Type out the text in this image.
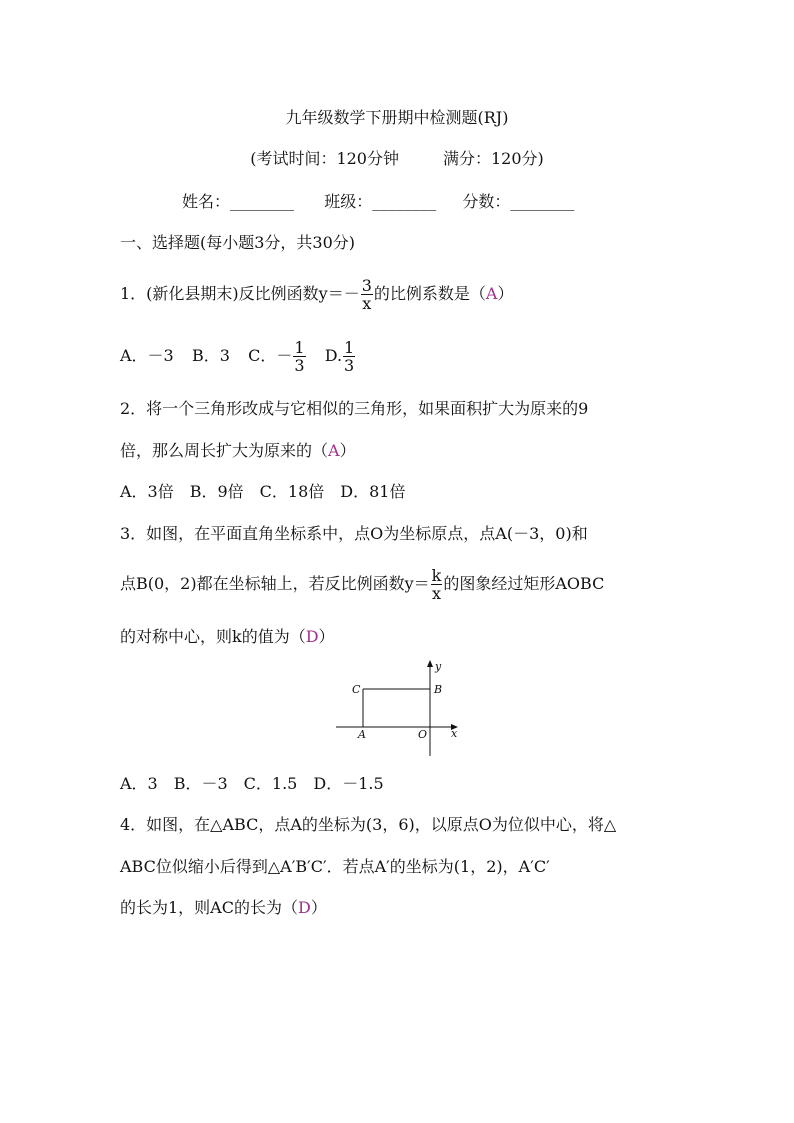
九年级数学下册期中检测题(RJ)
(考试时间：120分钟	满分：120分)
姓名：________ 班级：________ 分数：________
一、选择题(每小题3分，共30分)
1．(新化县期末)反比例函数$y=- \frac{3}{x}$ 的比例系数是（A）
A．－3 B．3 C．－ $\frac{1}{3} D$. $\frac{1}{3}$
2．将一个三角形改成与它相似的三角形，如果面积扩大为原来的9
倍，那么周长扩大为原来的（A）
A．3倍　B．9倍　C．18倍　D．81倍
3．如图，在平面直角坐标系中，点O为坐标原点，点A(－3，0)和
点B(0，2)都在坐标轴上，若反比例函数$y= \frac{k}{x}$ 的图象经过矩形AOBC
的对称中心，则k的值为（D）
y
x
C	B
A	O
A．3　B．－3　C．1.5　D．－1.5
4．如图，在△ABC，点A的坐标为(3，6)，以原点O为位似中心，将△
ABC位似缩小后得到△A′B′C′．若点A′的坐标为(1，2)，A′C′
的长为1，则AC的长为（D）
